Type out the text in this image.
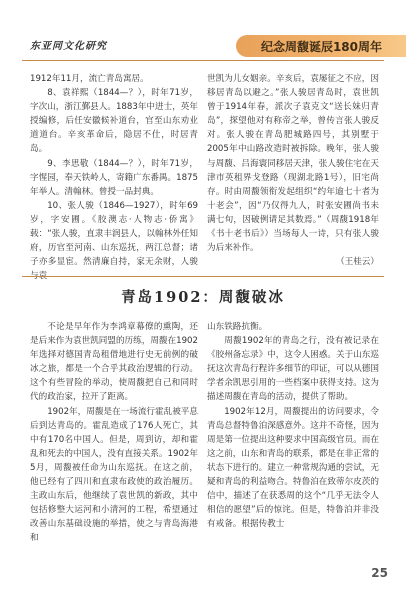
东亚同文化研究	纪念周馥诞辰180周年

1912年11月，流亡青岛寓居。

8、袁祥熙（1844—？），时年71岁，字次山，浙江鄞县人。1883年中进士，英年授编修，后任安徽候补道台，官至山东劝业道道台。辛亥革命后，隐居不仕，时居青岛。

9、李思敬（1844—？），时年71岁，字惺园，奉天铁岭人，寄籍广东番禺。1875年举人。清翰林。曾授一品封典。

10、张人骏（1846—1927），时年69岁，字安圃。《胶澳志·人物志·侨寓》载：“张人骏，直隶丰润县人，以翰林外任知府，历官至河南、山东巡抚，两江总督；诸子亦多显宦。然清廉自持，家无余财，人骏与袁

世凯为儿女姻亲。辛亥后，袁屡征之不应，因移居青岛以避之。”张人骏居青岛时，袁世凯曾于1914年春，派次子袁克文“送长妹归青岛”，探望他对有称帝之举，曾传言张人骏反对。张人骏在青岛肥城路四号，其别墅于2005年中山路改造时被拆除。晚年，张人骏与周馥、吕海寰同移居天津，张人骏住宅在天津市英租界戈登路（现湖北路1号），旧宅尚存。时由周馥领衔发起组织“约年逾七十者为十老会”，因“乃仅得九人，时张安圃尚书未满七旬，因破例请足其数焉。”（周馥1918年《书十老书后》）当场每人一诗，只有张人骏为后来补作。

（王桂云）

青岛1902：周馥破冰

不论是早年作为李鸿章幕僚的熏陶，还是后来作为袁世凯同盟的历练，周馥在1902年选择对德国青岛租借地进行史无前例的破冰之旅，都是一个合乎其政治逻辑的行动。这个有些冒险的举动，使周馥把自己和同时代的政治家，拉开了距离。

1902年，周馥是在一场流行霍乱被平息后到达青岛的。霍乱造成了176人死亡，其中有170名中国人。但是，周到访，却和霍乱和死去的中国人，没有直接关系。1902年5月，周馥被任命为山东巡抚。在这之前，他已经有了四川和直隶布政使的政治履历。主政山东后，他继续了袁世凯的新政，其中包括修整大运河和小清河的工程，希望通过改善山东基础设施的举措，使之与青岛海港和

山东铁路抗衡。

周馥1902年的青岛之行，没有被记录在《胶州备忘录》中，这令人困惑。关于山东巡抚这次青岛行程许多细节的印证，可以从德国学者余凯思引用的一些档案中获得支持。这为描述周馥在青岛的活动，提供了帮助。

1902年12月，周馥提出的访问要求，令青岛总督特鲁泊深感意外。这并不奇怪，因为周是第一位提出这种要求中国高级官员。而在这之前，山东和青岛的联系，都是在非正常的状态下进行的。建立一种常规沟通的尝试，无疑和青岛的利益吻合。特鲁泊在致蒂尔皮茨的信中，描述了在获悉周的这个“几乎无法令人相信的愿望”后的惊诧。但是，特鲁泊并非没有戒备。根据传教士

25
